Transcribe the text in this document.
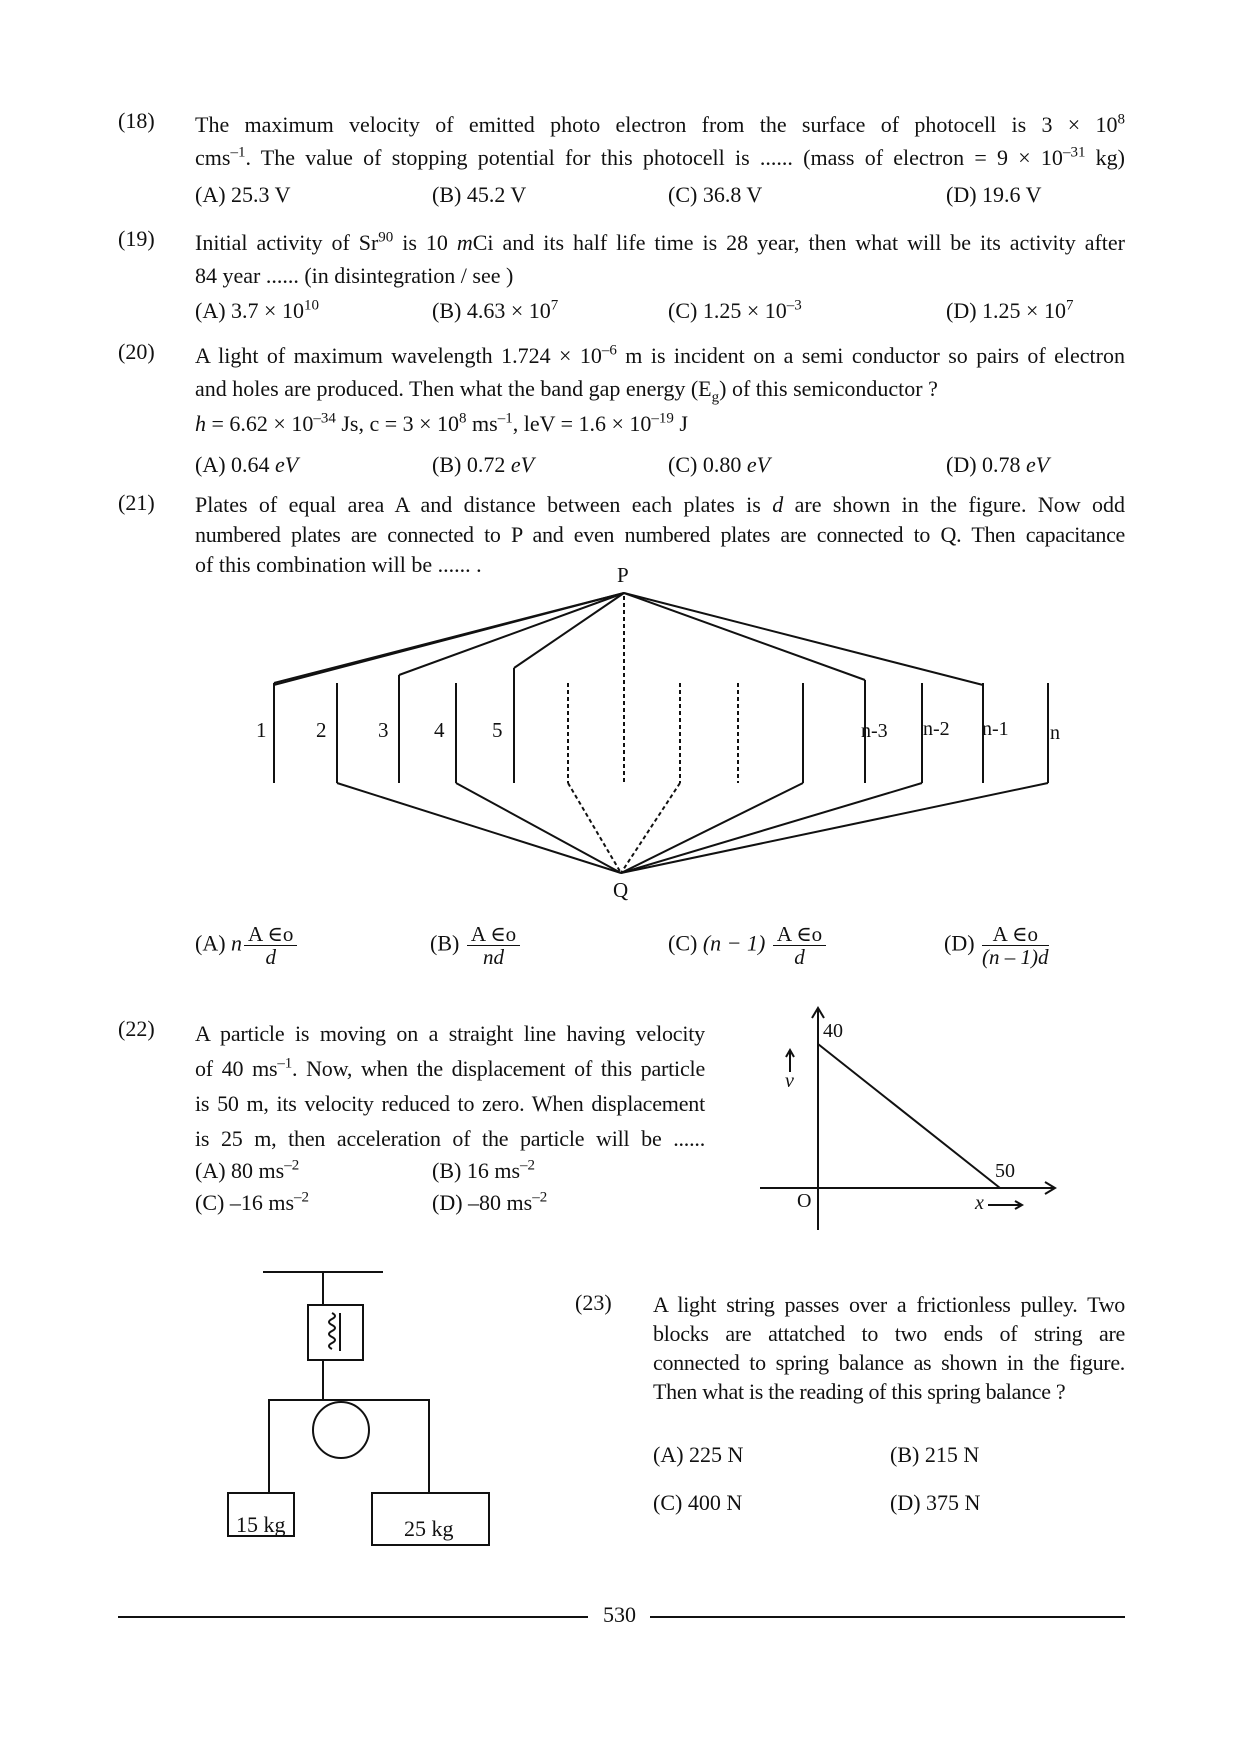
(18) The maximum velocity of emitted photo electron from the surface of photocell is $3 \times 10^8$
cms$^{-1}$. The value of stopping potential for this photocell is ...... (mass of electron = $9 \times 10^{-31}$ kg)
(A) 25.3 V	(B) 45.2 V	(C) 36.8 V	(D) 19.6 V
(19) Initial activity of Sr$^{90}$ is 10 mCi and its half life time is 28 year, then what will be its activity after
84 year ...... (in disintegration / see )
(A) $3.7 \times 10^{10}$	(B) $4.63 \times 10^7$	(C) $1.25 \times 10^{-3}$	(D) $1.25 \times 10^7$
(20) A light of maximum wavelength $1.724 \times 10^{-6}$ m is incident on a semi conductor so pairs of electron
and holes are produced. Then what the band gap energy $(E_g)$ of this semiconductor ?
$h = 6.62 \times 10^{-34}$ Js, $c = 3 \times 10^8$ $ms^{-1}$, leV = $1.6 \times 10^{-19}$ J
(A) 0.64 eV	(B) 0.72 eV	(C) 0.80 eV	(D) 0.78 eV
(21) Plates of equal area A and distance between each plates is d are shown in the figure. Now odd
numbered plates are connected to P and even numbered plates are connected to Q. Then capacitance
of this combination will be ...... .	P
Q
1 2 3 4 5	n-3 n-2 n-1 n
(A) n $\frac{A \in o}{d}$	$(B) \frac{A \in o}{nd}$	(C) $(n - 1) \frac{A \in o}{d}$	$(D) \frac{A \in o}{(n - 1)d}$
(22) A particle is moving on a straight line having velocity
of 40 $ms^{-1}$. Now, when the displacement of this particle
is 50 m, its velocity reduced to zero. When displacement
is 25 m, then acceleration of the particle will be ......
(A) 80 $ms^{-2}$	(B) 16 $ms^{-2}$
(C) –16 $ms^{-2}$	(D) –80 $ms^{-2}$
v
40
50
O	x
15 kg	25 kg
(23) A light string passes over a frictionless pulley. Two
blocks are attatched to two ends of string are
connected to spring balance as shown in the figure.
Then what is the reading of this spring balance ?
(A) 225 N	(B) 215 N
(C) 400 N	(D) 375 N
530
